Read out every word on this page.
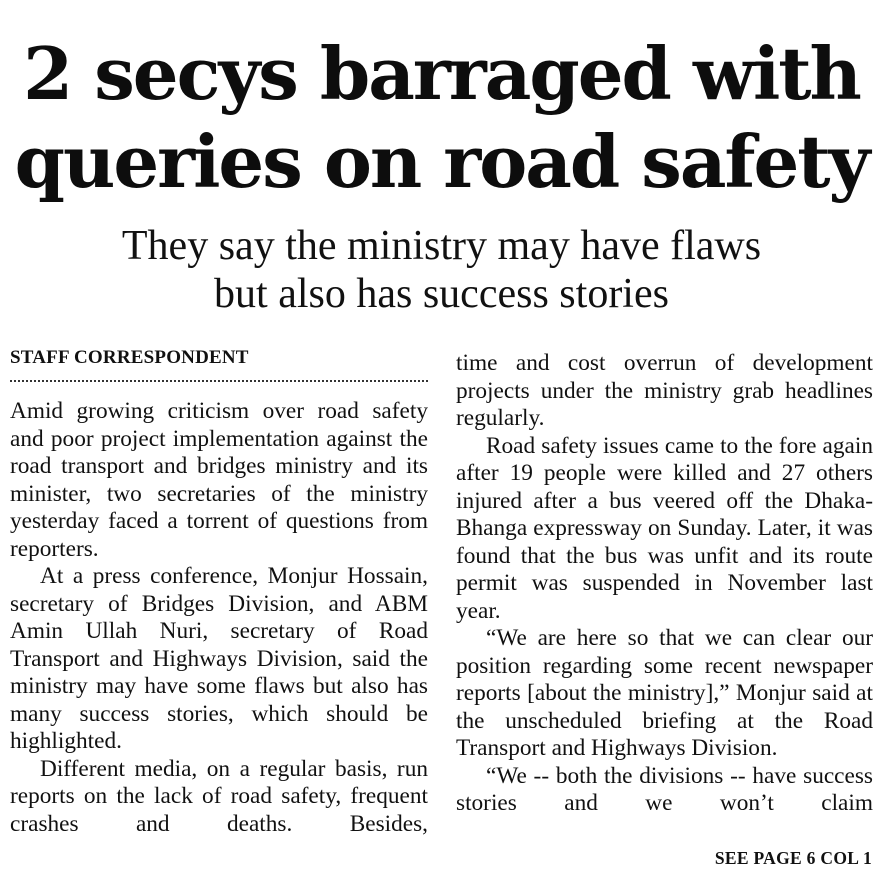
2 secys barraged with
queries on road safety
They say the ministry may have flaws
but also has success stories
STAFF CORRESPONDENT

Amid growing criticism over road safety and poor project implementation against the road transport and bridges ministry and its minister, two secretaries of the ministry yesterday faced a torrent of questions from reporters.

At a press conference, Monjur Hossain, secretary of Bridges Division, and ABM Amin Ullah Nuri, secretary of Road Transport and Highways Division, said the ministry may have some flaws but also has many success stories, which should be highlighted.

Different media, on a regular basis, run reports on the lack of road safety, frequent crashes and deaths. Besides,

time and cost overrun of development projects under the ministry grab headlines regularly.

Road safety issues came to the fore again after 19 people were killed and 27 others injured after a bus veered off the Dhaka-Bhanga expressway on Sunday. Later, it was found that the bus was unfit and its route permit was suspended in November last year.

“We are here so that we can clear our position regarding some recent newspaper reports [about the ministry],” Monjur said at the unscheduled briefing at the Road Transport and Highways Division.

“We -- both the divisions -- have success stories and we won’t claim

SEE PAGE 6 COL 1
